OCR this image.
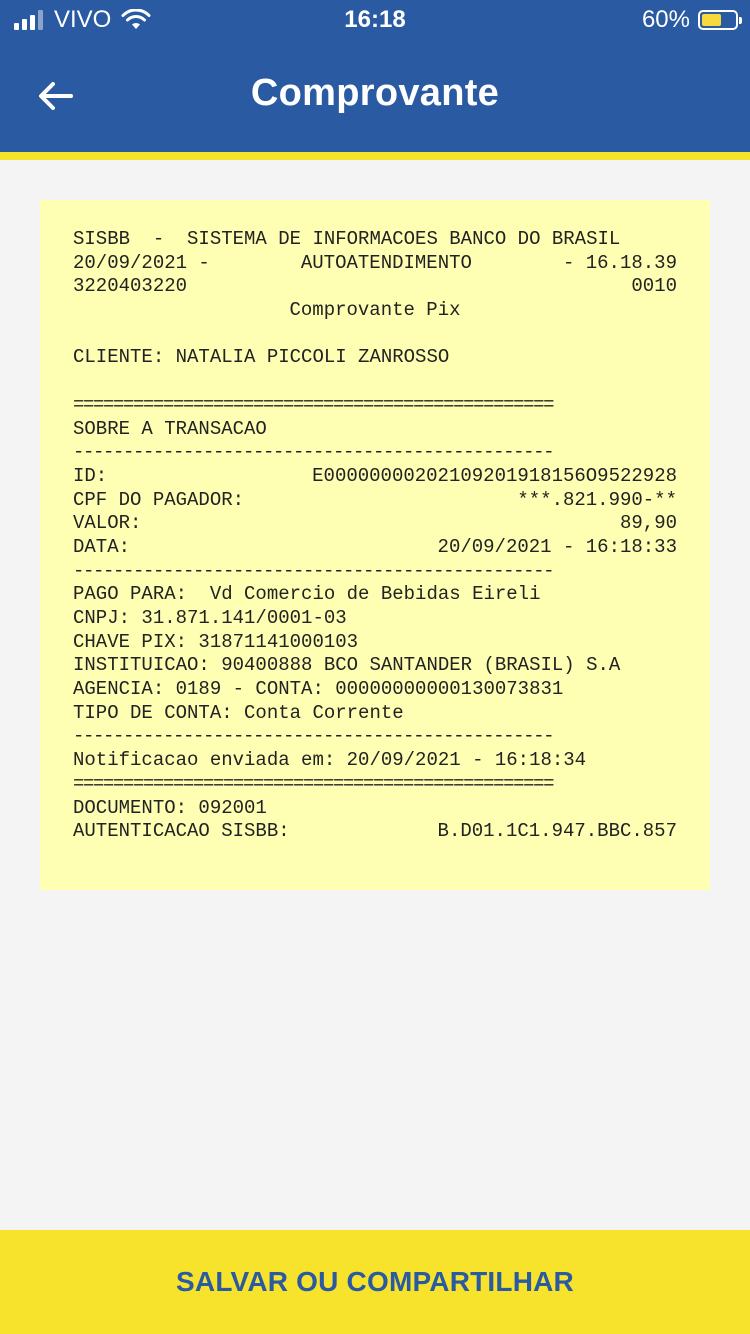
VIVO	16:18	60%
Comprovante
SISBB  -  SISTEMA DE INFORMACOES BANCO DO BRASIL
20/09/2021 -	AUTOATENDIMENTO	- 16.18.39
3220403220	0010
Comprovante Pix
CLIENTE: NATALIA PICCOLI ZANROSSO

================================================
SOBRE A TRANSACAO
------------------------------------------------
ID:	E00000000202109201918156O9522928
CPF DO PAGADOR:	***.821.990-**
VALOR:	89,90
DATA:	20/09/2021 - 16:18:33
------------------------------------------------
PAGO PARA:  Vd Comercio de Bebidas Eireli
CNPJ: 31.871.141/0001-03
CHAVE PIX: 31871141000103
INSTITUICAO: 90400888 BCO SANTANDER (BRASIL) S.A
AGENCIA: 0189 - CONTA: 00000000000130073831
TIPO DE CONTA: Conta Corrente
------------------------------------------------
Notificacao enviada em: 20/09/2021 - 16:18:34
================================================
DOCUMENTO: 092001
AUTENTICACAO SISBB:	B.D01.1C1.947.BBC.857
SALVAR OU COMPARTILHAR
